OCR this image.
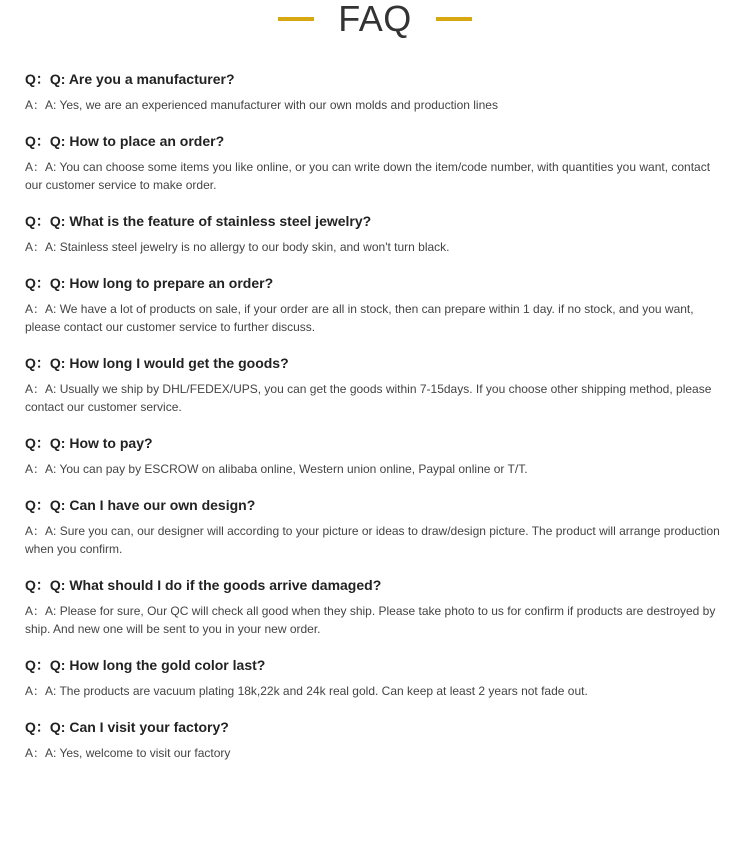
FAQ

Q：Q: Are you a manufacturer?

A：A: Yes, we are an experienced manufacturer with our own molds and production lines

Q：Q: How to place an order?

A：A: You can choose some items you like online, or you can write down the item/code number, with quantities you want, contact our customer service to make order.

Q：Q: What is the feature of stainless steel jewelry?

A：A: Stainless steel jewelry is no allergy to our body skin, and won't turn black.

Q：Q: How long to prepare an order?

A：A: We have a lot of products on sale, if your order are all in stock, then can prepare within 1 day. if no stock, and you want, please contact our customer service to further discuss.

Q：Q: How long I would get the goods?

A：A: Usually we ship by DHL/FEDEX/UPS, you can get the goods within 7-15days. If you choose other shipping method, please contact our customer service.

Q：Q: How to pay?

A：A: You can pay by ESCROW on alibaba online, Western union online, Paypal online or T/T.

Q：Q: Can I have our own design?

A：A: Sure you can, our designer will according to your picture or ideas to draw/design picture. The product will arrange production when you confirm.

Q：Q: What should I do if the goods arrive damaged?

A：A: Please for sure, Our QC will check all good when they ship. Please take photo to us for confirm if products are destroyed by ship. And new one will be sent to you in your new order.

Q：Q: How long the gold color last?

A：A: The products are vacuum plating 18k,22k and 24k real gold. Can keep at least 2 years not fade out.

Q：Q: Can I visit your factory?

A：A: Yes, welcome to visit our factory
